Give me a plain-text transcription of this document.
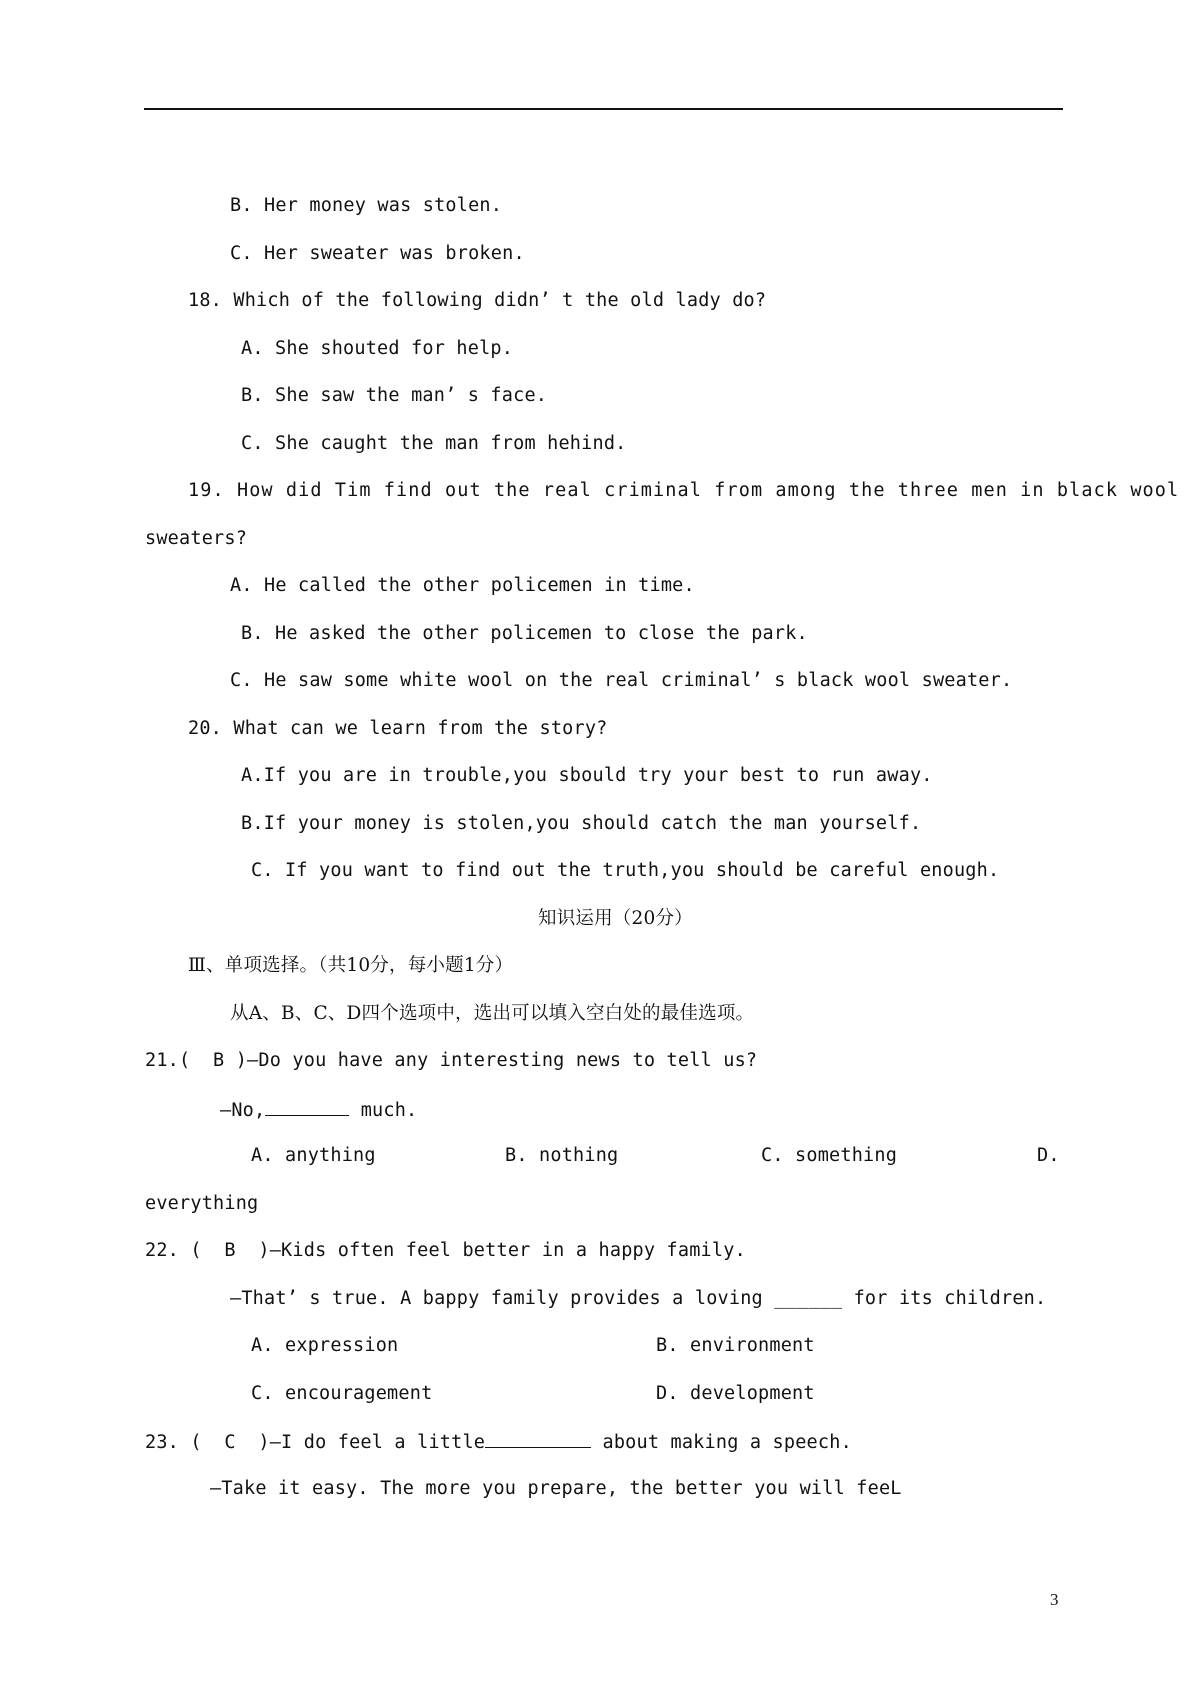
B. Her money was stolen.
C. Her sweater was broken.
18. Which of the following didn’ t the old lady do?
A. She shouted for help.
B. She saw the man’ s face.
C. She caught the man from hehind.
19. How did Tim find out the real criminal from among the three men in black wool
sweaters?
A. He called the other policemen in time.
B. He asked the other policemen to close the park.
C. He saw some white wool on the real criminal’ s black wool sweater.
20. What can we learn from the story?
A.If you are in trouble,you sbould try your best to run away.
B.If your money is stolen,you should catch the man yourself.
C. If you want to find out the truth,you should be careful enough.
知识运用（20分）
Ⅲ、单项选择。（共10分，每小题1分）
从A、B、C、D四个选项中，选出可以填入空白处的最佳选项。
21.(  B )—Do you have any interesting news to tell us?
—No,	much.
A. anything	B. nothing	C. something	D.
everything
22. (  B  )—Kids often feel better in a happy family.
—That’ s true. A bappy family provides a loving ______ for its children.
A. expression	B. environment
C. encouragement	D. development
23. (  C  )—I do feel a little	about making a speech.
—Take it easy. The more you prepare, the better you will feeL
3
